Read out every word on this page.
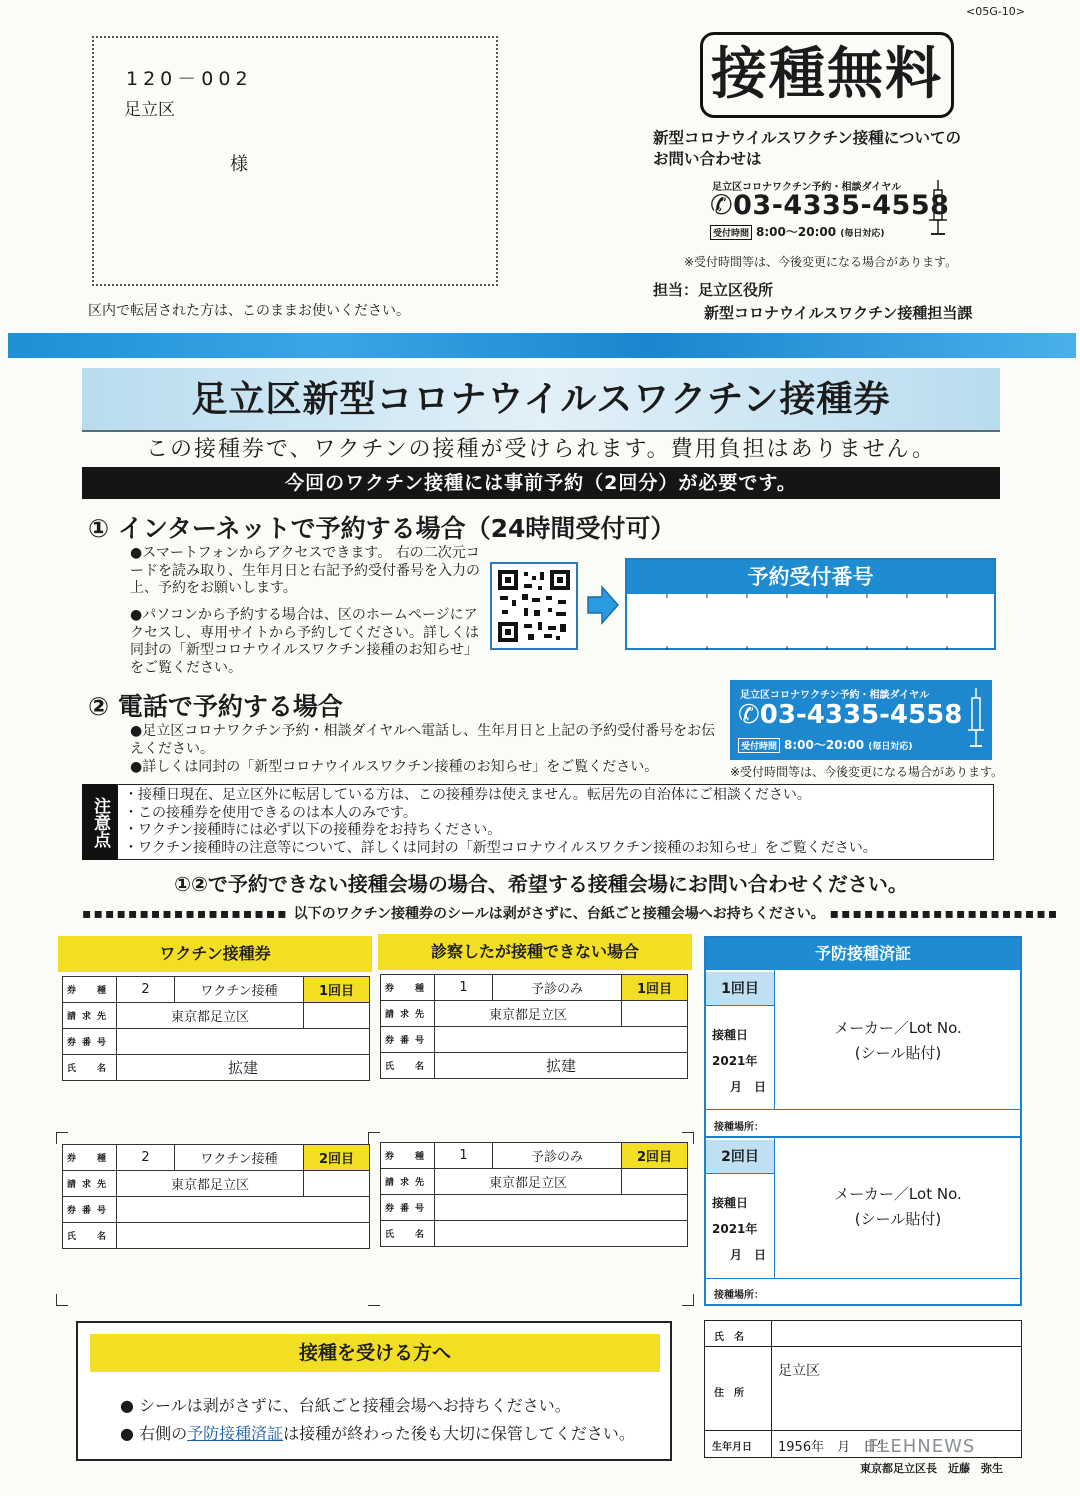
<05G-10>
120－002
足立区
様
区内で転居された方は、このままお使いください。
接種無料
新型コロナウイルスワクチン接種についての
お問い合わせは
足立区コロナワクチン予約・相談ダイヤル
✆03-4335-4558
受付時間 8:00～20:00 (毎日対応)
※受付時間等は、今後変更になる場合があります。
担当：足立区役所
新型コロナウイルスワクチン接種担当課
足立区新型コロナウイルスワクチン接種券
この接種券で、ワクチンの接種が受けられます。費用負担はありません。
今回のワクチン接種には事前予約（2回分）が必要です。
① インターネットで予約する場合（24時間受付可）
●スマートフォンからアクセスできます。 右の二次元コードを読み取り、生年月日と右記予約受付番号を入力の上、予約をお願いします。
●パソコンから予約する場合は、区のホームページにアクセスし、専用サイトから予約してください。詳しくは同封の「新型コロナウイルスワクチン接種のお知らせ」をご覧ください。
予約受付番号
② 電話で予約する場合
●足立区コロナワクチン予約・相談ダイヤルへ電話し、生年月日と上記の予約受付番号をお伝えください。
●詳しくは同封の「新型コロナウイルスワクチン接種のお知らせ」をご覧ください。
足立区コロナワクチン予約・相談ダイヤル
✆03-4335-4558
受付時間 8:00～20:00 (毎日対応)
※受付時間等は、今後変更になる場合があります。
注意点
・接種日現在、足立区外に転居している方は、この接種券は使えません。転居先の自治体にご相談ください。
・この接種券を使用できるのは本人のみです。
・ワクチン接種時には必ず以下の接種券をお持ちください。
・ワクチン接種時の注意等について、詳しくは同封の「新型コロナウイルスワクチン接種のお知らせ」をご覧ください。
①②で予約できない接種会場の場合、希望する接種会場にお問い合わせください。
▪▪▪▪▪▪▪▪▪▪▪▪▪▪▪▪▪▪ 以下のワクチン接種券のシールは剥がさずに、台紙ごと接種会場へお持ちください。 ▪▪▪▪▪▪▪▪▪▪▪▪▪▪▪▪▪▪▪▪
ワクチン接種券	診察したが接種できない場合
券　種	2	ワクチン接種	1回目
請求先	東京都足立区		
券番号			
氏　名	拡建		
券　種	1	予診のみ	1回目
請求先	東京都足立区		
券番号			
氏　名	拡建		
券　種	2	ワクチン接種	2回目
請求先	東京都足立区		
券番号			
氏　名			
券　種	1	予診のみ	2回目
請求先	東京都足立区		
券番号			
氏　名			
予防接種済証
1回目
接種日
2021年
月　日
メーカー／Lot No.
(シール貼付)
接種場所：
2回目
接種日
2021年
月　日
メーカー／Lot No.
(シール貼付)
接種場所：
接種を受ける方へ
● シールは剥がさずに、台紙ごと接種会場へお持ちください。
● 右側の予防接種済証は接種が終わった後も大切に保管してください。
氏　名
住　所
足立区
生年月日 1956年　月　日生
東京都足立区長　近藤　弥生
FLEHNEWS
